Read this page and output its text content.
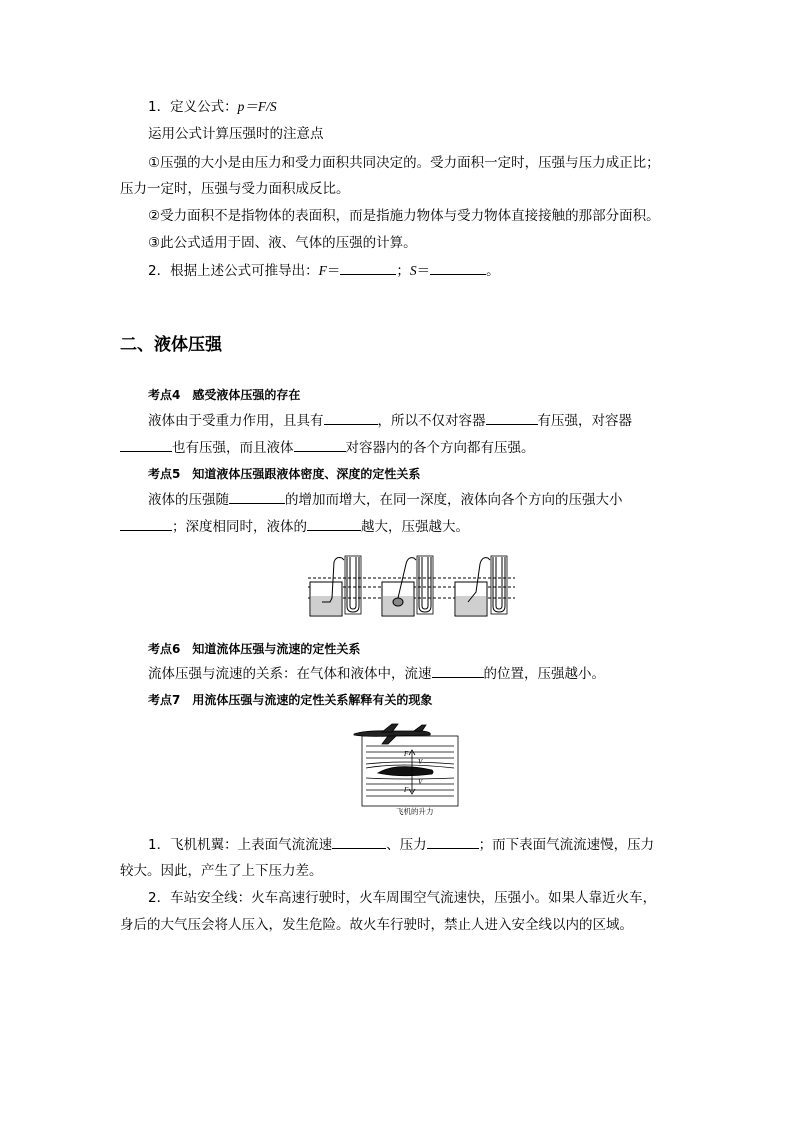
1．定义公式：p＝F/S
运用公式计算压强时的注意点
①压强的大小是由压力和受力面积共同决定的。受力面积一定时，压强与压力成正比；
压力一定时，压强与受力面积成反比。
②受力面积不是指物体的表面积，而是指施力物体与受力物体直接接触的那部分面积。
③此公式适用于固、液、气体的压强的计算。
2．根据上述公式可推导出：F＝	；S＝	。
二、液体压强
考点4 感受液体压强的存在
液体由于受重力作用，且具有	，所以不仅对容器	有压强，对容器
也有压强，而且液体	对容器内的各个方向都有压强。
考点5 知道液体压强跟液体密度、深度的定性关系
液体的压强随	的增加而增大，在同一深度，液体向各个方向的压强大小
；深度相同时，液体的	越大，压强越大。
考点6 知道流体压强与流速的定性关系
流体压强与流速的关系：在气体和液体中，流速	的位置，压强越小。
考点7 用流体压强与流速的定性关系解释有关的现象
F
V
F
V
飞机的升力
1．飞机机翼：上表面气流流速	、压力	；而下表面气流流速慢，压力
较大。因此，产生了上下压力差。
2．车站安全线：火车高速行驶时，火车周围空气流速快，压强小。如果人靠近火车，
身后的大气压会将人压入，发生危险。故火车行驶时，禁止人进入安全线以内的区域。
